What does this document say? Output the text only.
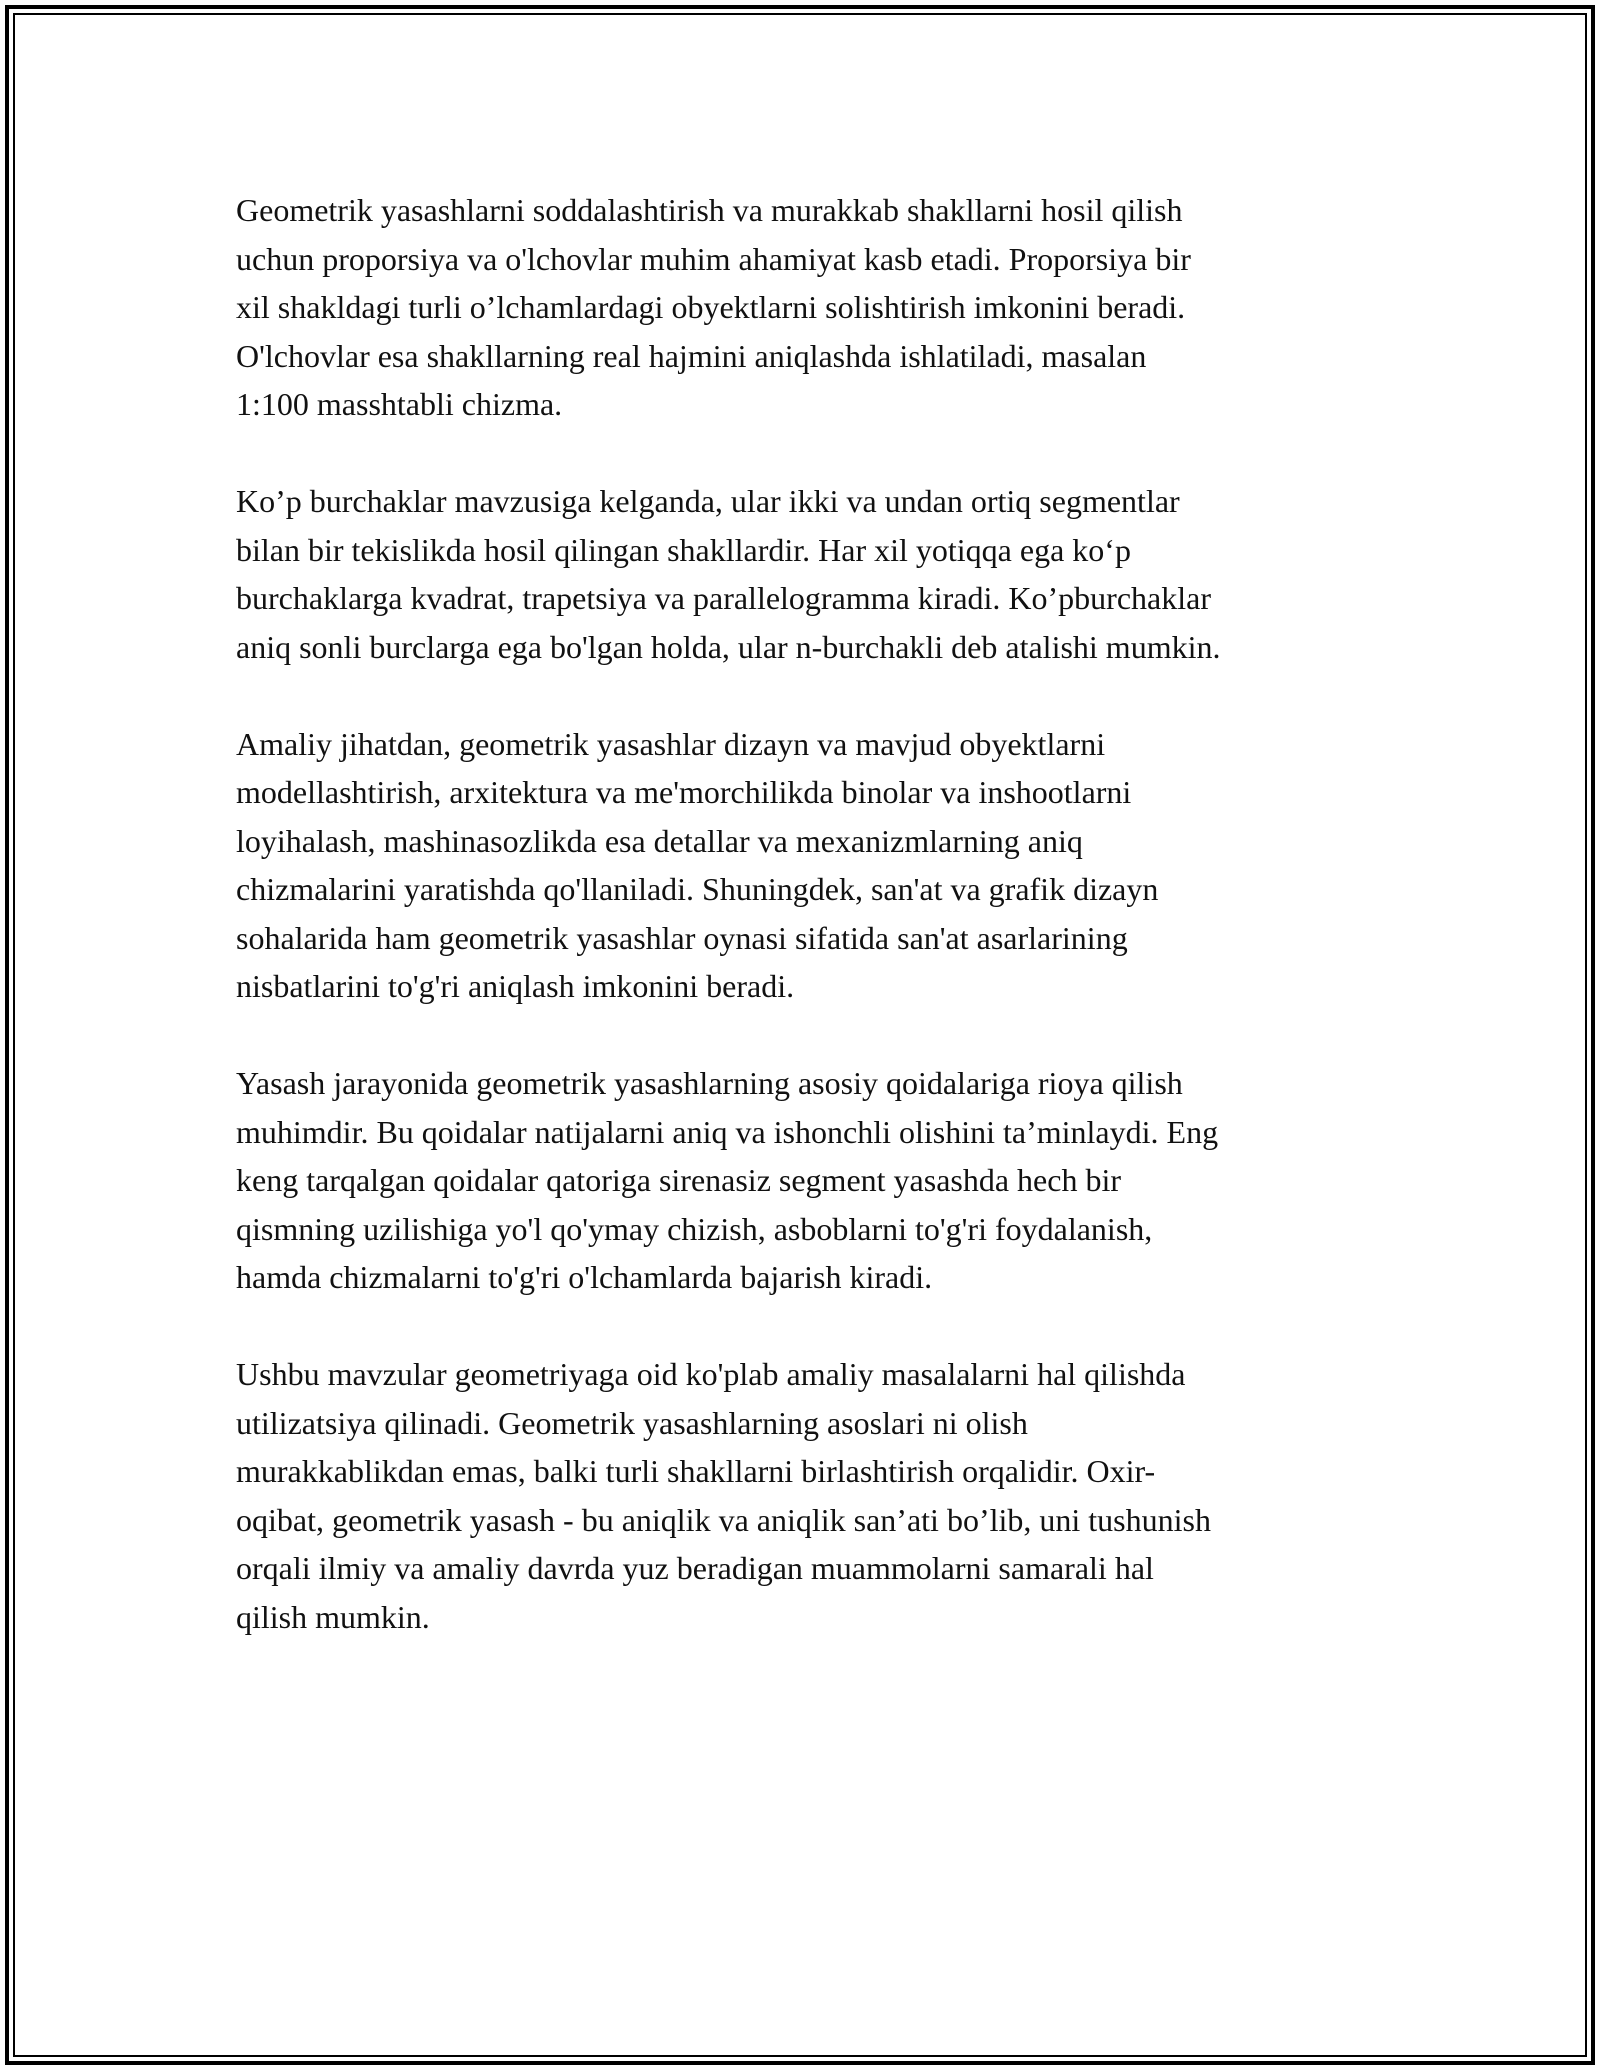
Geometrik yasashlarni soddalashtirish va murakkab shakllarni hosil qilish
uchun proporsiya va o'lchovlar muhim ahamiyat kasb etadi. Proporsiya bir
xil shakldagi turli o’lchamlardagi obyektlarni solishtirish imkonini beradi.
O'lchovlar esa shakllarning real hajmini aniqlashda ishlatiladi, masalan
1:100 masshtabli chizma.

Ko’p burchaklar mavzusiga kelganda, ular ikki va undan ortiq segmentlar
bilan bir tekislikda hosil qilingan shakllardir. Har xil yotiqqa ega ko‘p
burchaklarga kvadrat, trapetsiya va parallelogramma kiradi. Ko’pburchaklar
aniq sonli burclarga ega bo'lgan holda, ular n-burchakli deb atalishi mumkin.

Amaliy jihatdan, geometrik yasashlar dizayn va mavjud obyektlarni
modellashtirish, arxitektura va me'morchilikda binolar va inshootlarni
loyihalash, mashinasozlikda esa detallar va mexanizmlarning aniq
chizmalarini yaratishda qo'llaniladi. Shuningdek, san'at va grafik dizayn
sohalarida ham geometrik yasashlar oynasi sifatida san'at asarlarining
nisbatlarini to'g'ri aniqlash imkonini beradi.

Yasash jarayonida geometrik yasashlarning asosiy qoidalariga rioya qilish
muhimdir. Bu qoidalar natijalarni aniq va ishonchli olishini ta’minlaydi. Eng
keng tarqalgan qoidalar qatoriga sirenasiz segment yasashda hech bir
qismning uzilishiga yo'l qo'ymay chizish, asboblarni to'g'ri foydalanish,
hamda chizmalarni to'g'ri o'lchamlarda bajarish kiradi.

Ushbu mavzular geometriyaga oid ko'plab amaliy masalalarni hal qilishda
utilizatsiya qilinadi. Geometrik yasashlarning asoslari ni olish
murakkablikdan emas, balki turli shakllarni birlashtirish orqalidir. Oxir-
oqibat, geometrik yasash - bu aniqlik va aniqlik san’ati bo’lib, uni tushunish
orqali ilmiy va amaliy davrda yuz beradigan muammolarni samarali hal
qilish mumkin.
